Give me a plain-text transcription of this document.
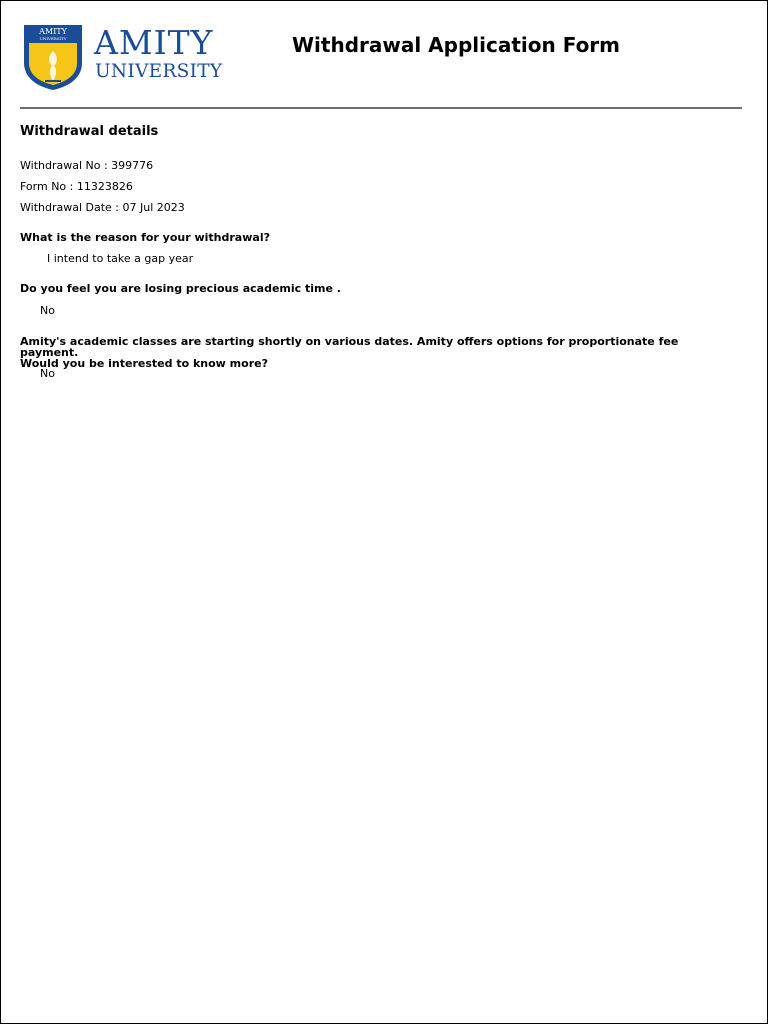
AMITY
UNIVERSITY AMITY
UNIVERSITY
Withdrawal Application Form
Withdrawal details
Withdrawal No : 399776
Form No : 11323826
Withdrawal Date : 07 Jul 2023
What is the reason for your withdrawal?
I intend to take a gap year
Do you feel you are losing precious academic time .
No
Amity's academic classes are starting shortly on various dates. Amity offers options for proportionate fee payment.
Would you be interested to know more?
No
